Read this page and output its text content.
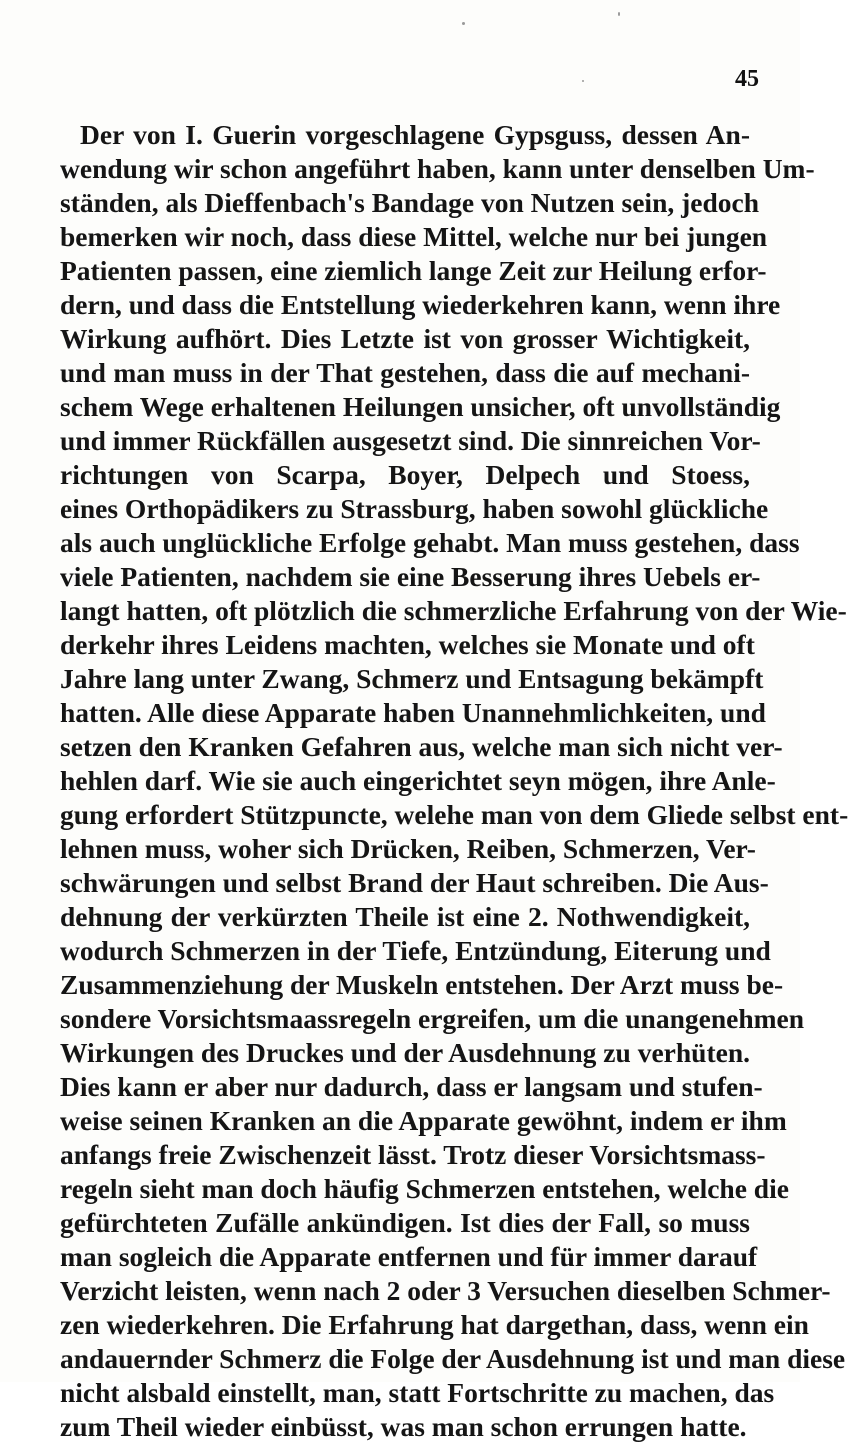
45
Der von I. Guerin vorgeschlagene Gypsguss, dessen An-
wendung wir schon angeführt haben, kann unter denselben Um-
ständen, als Dieffenbach's Bandage von Nutzen sein, jedoch
bemerken wir noch, dass diese Mittel, welche nur bei jungen
Patienten passen, eine ziemlich lange Zeit zur Heilung erfor-
dern, und dass die Entstellung wiederkehren kann, wenn ihre
Wirkung aufhört. Dies Letzte ist von grosser Wichtigkeit,
und man muss in der That gestehen, dass die auf mechani-
schem Wege erhaltenen Heilungen unsicher, oft unvollständig
und immer Rückfällen ausgesetzt sind. Die sinnreichen Vor-
richtungen von Scarpa, Boyer, Delpech und Stoess,
eines Orthopädikers zu Strassburg, haben sowohl glückliche
als auch unglückliche Erfolge gehabt. Man muss gestehen, dass
viele Patienten, nachdem sie eine Besserung ihres Uebels er-
langt hatten, oft plötzlich die schmerzliche Erfahrung von der Wie-
derkehr ihres Leidens machten, welches sie Monate und oft
Jahre lang unter Zwang, Schmerz und Entsagung bekämpft
hatten. Alle diese Apparate haben Unannehmlichkeiten, und
setzen den Kranken Gefahren aus, welche man sich nicht ver-
hehlen darf. Wie sie auch eingerichtet seyn mögen, ihre Anle-
gung erfordert Stützpuncte, welehe man von dem Gliede selbst ent-
lehnen muss, woher sich Drücken, Reiben, Schmerzen, Ver-
schwärungen und selbst Brand der Haut schreiben. Die Aus-
dehnung der verkürzten Theile ist eine 2. Nothwendigkeit,
wodurch Schmerzen in der Tiefe, Entzündung, Eiterung und
Zusammenziehung der Muskeln entstehen. Der Arzt muss be-
sondere Vorsichtsmaassregeln ergreifen, um die unangenehmen
Wirkungen des Druckes und der Ausdehnung zu verhüten.
Dies kann er aber nur dadurch, dass er langsam und stufen-
weise seinen Kranken an die Apparate gewöhnt, indem er ihm
anfangs freie Zwischenzeit lässt. Trotz dieser Vorsichtsmass-
regeln sieht man doch häufig Schmerzen entstehen, welche die
gefürchteten Zufälle ankündigen. Ist dies der Fall, so muss
man sogleich die Apparate entfernen und für immer darauf
Verzicht leisten, wenn nach 2 oder 3 Versuchen dieselben Schmer-
zen wiederkehren. Die Erfahrung hat dargethan, dass, wenn ein
andauernder Schmerz die Folge der Ausdehnung ist und man diese
nicht alsbald einstellt, man, statt Fortschritte zu machen, das
zum Theil wieder einbüsst, was man schon errungen hatte.
